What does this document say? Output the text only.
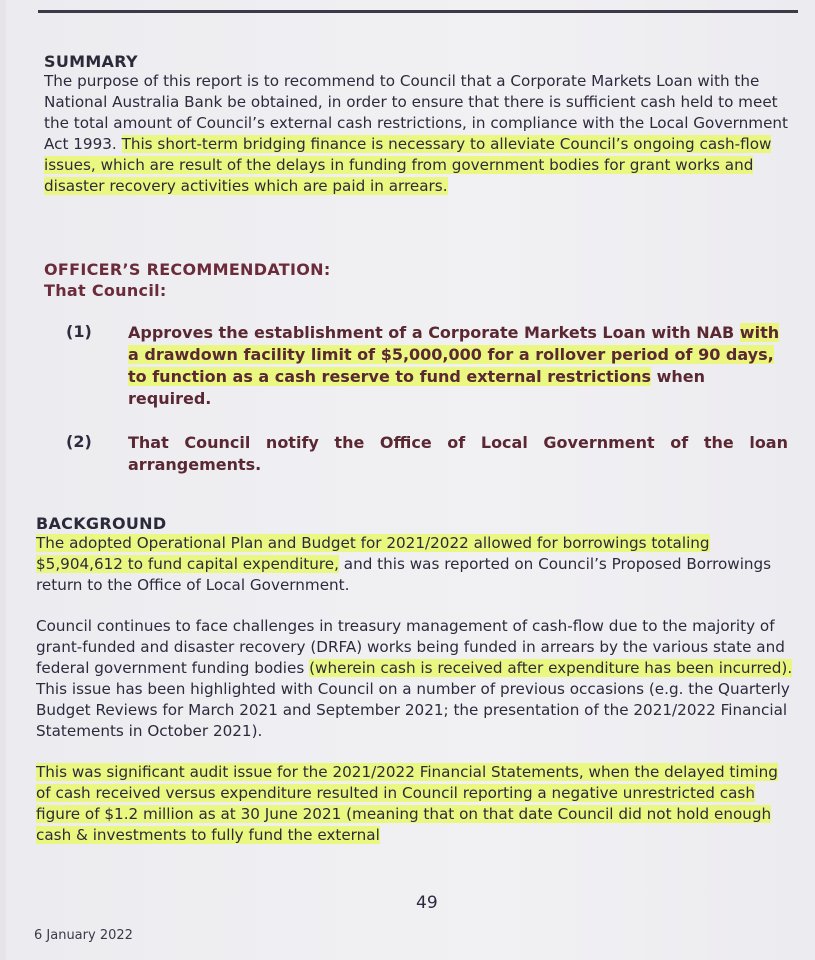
SUMMARY

The purpose of this report is to recommend to Council that a Corporate Markets Loan with the National Australia Bank be obtained, in order to ensure that there is sufficient cash held to meet the total amount of Council’s external cash restrictions, in compliance with the Local Government Act 1993. This short-term bridging finance is necessary to alleviate Council’s ongoing cash-flow issues, which are result of the delays in funding from government bodies for grant works and disaster recovery activities which are paid in arrears.

OFFICER’S RECOMMENDATION:

That Council:

(1) Approves the establishment of a Corporate Markets Loan with NAB with a drawdown facility limit of $5,000,000 for a rollover period of 90 days, to function as a cash reserve to fund external restrictions when required.
(2) That Council notify the Office of Local Government of the loan arrangements.

BACKGROUND

The adopted Operational Plan and Budget for 2021/2022 allowed for borrowings totaling $5,904,612 to fund capital expenditure, and this was reported on Council’s Proposed Borrowings return to the Office of Local Government.

Council continues to face challenges in treasury management of cash-flow due to the majority of grant-funded and disaster recovery (DRFA) works being funded in arrears by the various state and federal government funding bodies (wherein cash is received after expenditure has been incurred). This issue has been highlighted with Council on a number of previous occasions (e.g. the Quarterly Budget Reviews for March 2021 and September 2021; the presentation of the 2021/2022 Financial Statements in October 2021).

This was significant audit issue for the 2021/2022 Financial Statements, when the delayed timing of cash received versus expenditure resulted in Council reporting a negative unrestricted cash figure of $1.2 million as at 30 June 2021 (meaning that on that date Council did not hold enough cash & investments to fully fund the external

49
6 January 2022
